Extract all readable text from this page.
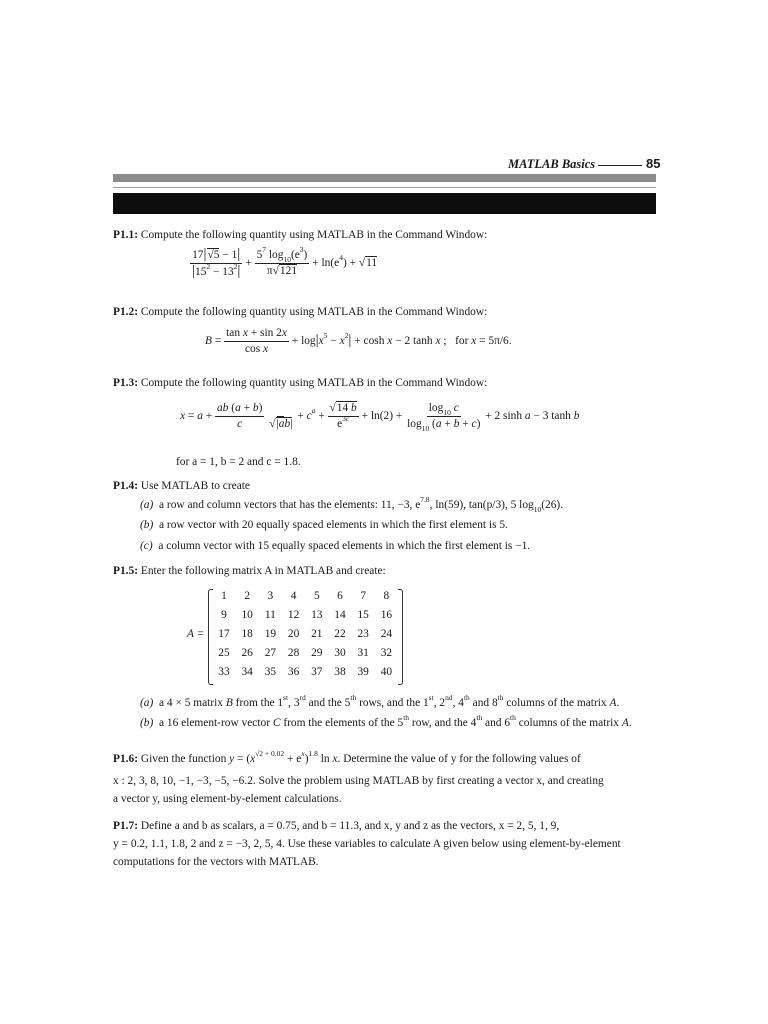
MATLAB Basics	85
P1.1: Compute the following quantity using MATLAB in the Command Window:
$\frac{17|√5 - 1|}{|15^2 - 13^2|} + \frac{5^7 \log_{10}(e^3)}{\pi√121} + \ln(e^4) + √11$
P1.2: Compute the following quantity using MATLAB in the Command Window:
$B = \frac{\text{tan x + sin 2x}}{\text{cos x}} + \log|x^5 - x^2| + \cosh x - 2$ tanh x ;   for x = 5π/6.
P1.3: Compute the following quantity using MATLAB in the Command Window:
$x = a + \frac{ab (a + b)}{c}$

√|ab|
+ $c^a + \frac{√14 b}{e^{3c}} + \ln(2) + \frac{\log_{10} c}{\log_{10} (a + b + c)} + 2$ sinh a − 3 tanh b
for a = 1, b = 2 and c = 1.8.
P1.4: Use MATLAB to create
(a) a row and column vectors that has the elements: 11, −3, $e^{7.8}$, ln(59), tan(p/3), 5 $\log_{10}(26)$.
(b) a row vector with 20 equally spaced elements in which the first element is 5.
(c) a column vector with 15 equally spaced elements in which the first element is −1.
P1.5: Enter the following matrix A in MATLAB and create:
A =
1	2	3	4	5	6	7	8
9	10	11	12	13	14	15	16
17	18	19	20	21	22	23	24
25	26	27	28	29	30	31	32
33	34	35	36	37	38	39	40
(a)  a 4 × 5 matrix B from the 1st, 3rd and the 5th rows, and the 1st, 2nd, 4th and 8th columns of the matrix A.
(b)  a 16 element-row vector C from the elements of the 5th row, and the 4th and 6th columns of the matrix A.
P1.6: Given the function $y = (x^{√2 + 0.02} + e^x)^{1.8}$ ln x. Determine the value of y for the following values of
x : 2, 3, 8, 10, −1, −3, −5, −6.2. Solve the problem using MATLAB by first creating a vector x, and creating
a vector y, using element-by-element calculations.
P1.7: Define a and b as scalars, a = 0.75, and b = 11.3, and x, y and z as the vectors, x = 2, 5, 1, 9,
y = 0.2, 1.1, 1.8, 2 and z = −3, 2, 5, 4. Use these variables to calculate A given below using element-by-element
computations for the vectors with MATLAB.
